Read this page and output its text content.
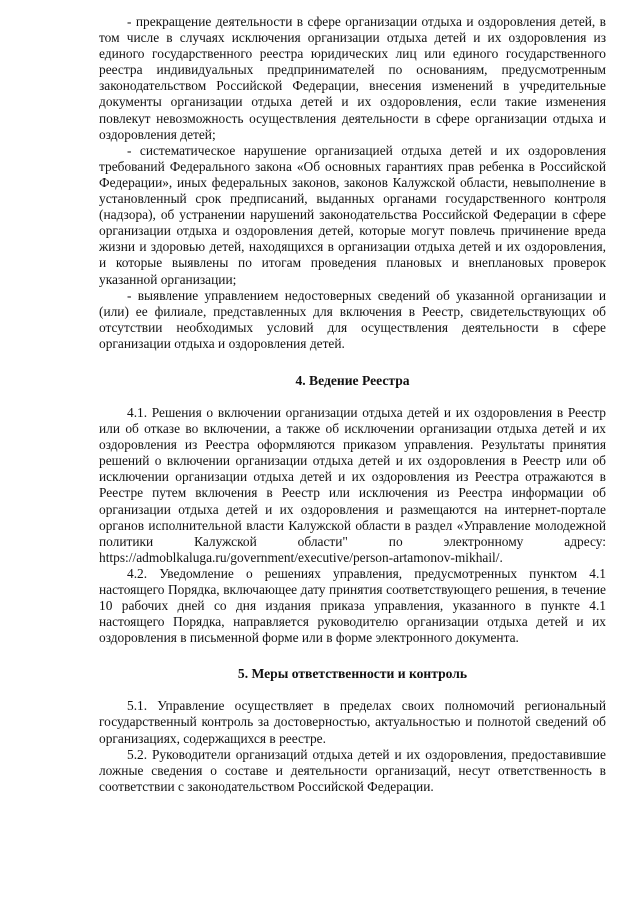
- прекращение деятельности в сфере организации отдыха и оздоровления детей, в том числе в случаях исключения организации отдыха детей и их оздоровления из единого государственного реестра юридических лиц или единого государственного реестра индивидуальных предпринимателей по основаниям, предусмотренным законодательством Российской Федерации, внесения изменений в учредительные документы организации отдыха детей и их оздоровления, если такие изменения повлекут невозможность осуществления деятельности в сфере организации отдыха и оздоровления детей;

- систематическое нарушение организацией отдыха детей и их оздоровления требований Федерального закона «Об основных гарантиях прав ребенка в Российской Федерации», иных федеральных законов, законов Калужской области, невыполнение в установленный срок предписаний, выданных органами государственного контроля (надзора), об устранении нарушений законодательства Российской Федерации в сфере организации отдыха и оздоровления детей, которые могут повлечь причинение вреда жизни и здоровью детей, находящихся в организации отдыха детей и их оздоровления, и которые выявлены по итогам проведения плановых и внеплановых проверок указанной организации;

- выявление управлением недостоверных сведений об указанной организации и (или) ее филиале, представленных для включения в Реестр, свидетельствующих об отсутствии необходимых условий для осуществления деятельности в сфере организации отдыха и оздоровления детей.

4. Ведение Реестра

4.1. Решения о включении организации отдыха детей и их оздоровления в Реестр или об отказе во включении, а также об исключении организации отдыха детей и их оздоровления из Реестра оформляются приказом управления. Результаты принятия решений о включении организации отдыха детей и их оздоровления в Реестр или об исключении организации отдыха детей и их оздоровления из Реестра отражаются в Реестре путем включения в Реестр или исключения из Реестра информации об организации отдыха детей и их оздоровления и размещаются на интернет-портале органов исполнительной власти Калужской области в раздел «Управление молодежной политики Калужской области" по электронному адресу: https://admoblkaluga.ru/government/executive/person-artamonov-mikhail/.

4.2. Уведомление о решениях управления, предусмотренных пунктом 4.1 настоящего Порядка, включающее дату принятия соответствующего решения, в течение 10 рабочих дней со дня издания приказа управления, указанного в пункте 4.1 настоящего Порядка, направляется руководителю организации отдыха детей и их оздоровления в письменной форме или в форме электронного документа.

5. Меры ответственности и контроль

5.1. Управление осуществляет в пределах своих полномочий региональный государственный контроль за достоверностью, актуальностью и полнотой сведений об организациях, содержащихся в реестре.

5.2. Руководители организаций отдыха детей и их оздоровления, предоставившие ложные сведения о составе и деятельности организаций, несут ответственность в соответствии с законодательством Российской Федерации.
